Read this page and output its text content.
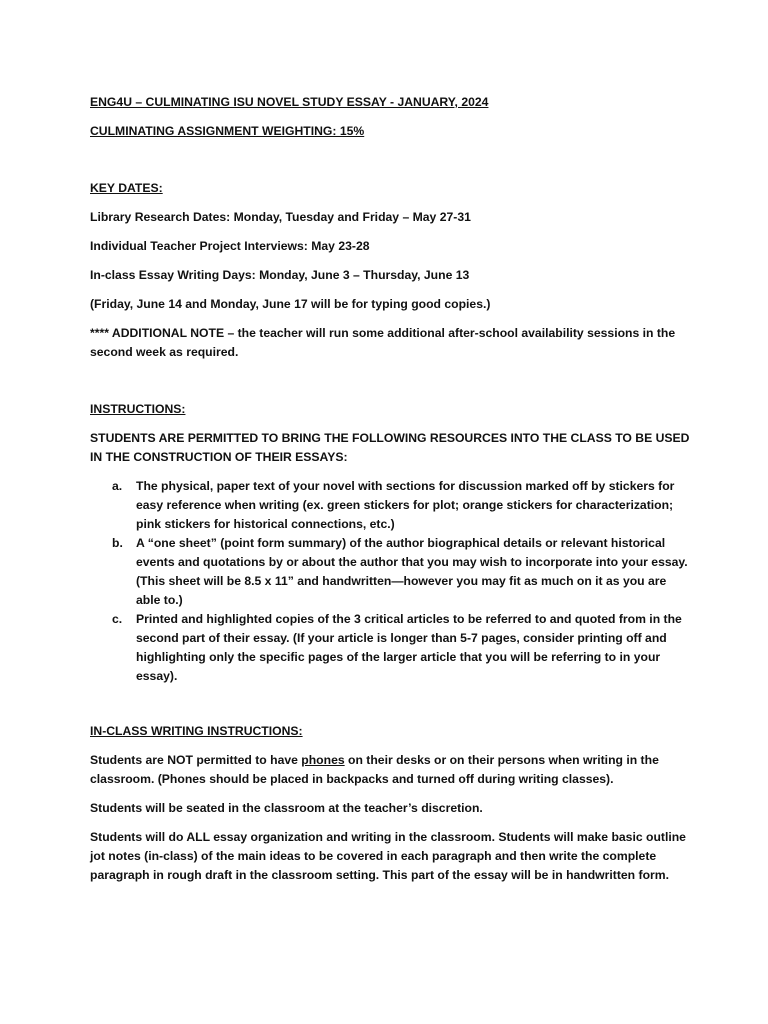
ENG4U – CULMINATING ISU NOVEL STUDY ESSAY - JANUARY, 2024

CULMINATING ASSIGNMENT WEIGHTING: 15%

KEY DATES:

Library Research Dates: Monday, Tuesday and Friday – May 27-31

Individual Teacher Project Interviews: May 23-28

In-class Essay Writing Days: Monday, June 3 – Thursday, June 13

(Friday, June 14 and Monday, June 17 will be for typing good copies.)

**** ADDITIONAL NOTE – the teacher will run some additional after-school availability sessions in the second week as required.

INSTRUCTIONS:

STUDENTS ARE PERMITTED TO BRING THE FOLLOWING RESOURCES INTO THE CLASS TO BE USED IN THE CONSTRUCTION OF THEIR ESSAYS:

a. The physical, paper text of your novel with sections for discussion marked off by stickers for easy reference when writing (ex. green stickers for plot; orange stickers for characterization; pink stickers for historical connections, etc.)
b. A “one sheet” (point form summary) of the author biographical details or relevant historical events and quotations by or about the author that you may wish to incorporate into your essay. (This sheet will be 8.5 x 11” and handwritten—however you may fit as much on it as you are able to.)
c. Printed and highlighted copies of the 3 critical articles to be referred to and quoted from in the second part of their essay. (If your article is longer than 5-7 pages, consider printing off and highlighting only the specific pages of the larger article that you will be referring to in your essay).

IN-CLASS WRITING INSTRUCTIONS:

Students are NOT permitted to have phones on their desks or on their persons when writing in the classroom. (Phones should be placed in backpacks and turned off during writing classes).

Students will be seated in the classroom at the teacher’s discretion.

Students will do ALL essay organization and writing in the classroom. Students will make basic outline jot notes (in-class) of the main ideas to be covered in each paragraph and then write the complete paragraph in rough draft in the classroom setting. This part of the essay will be in handwritten form.
